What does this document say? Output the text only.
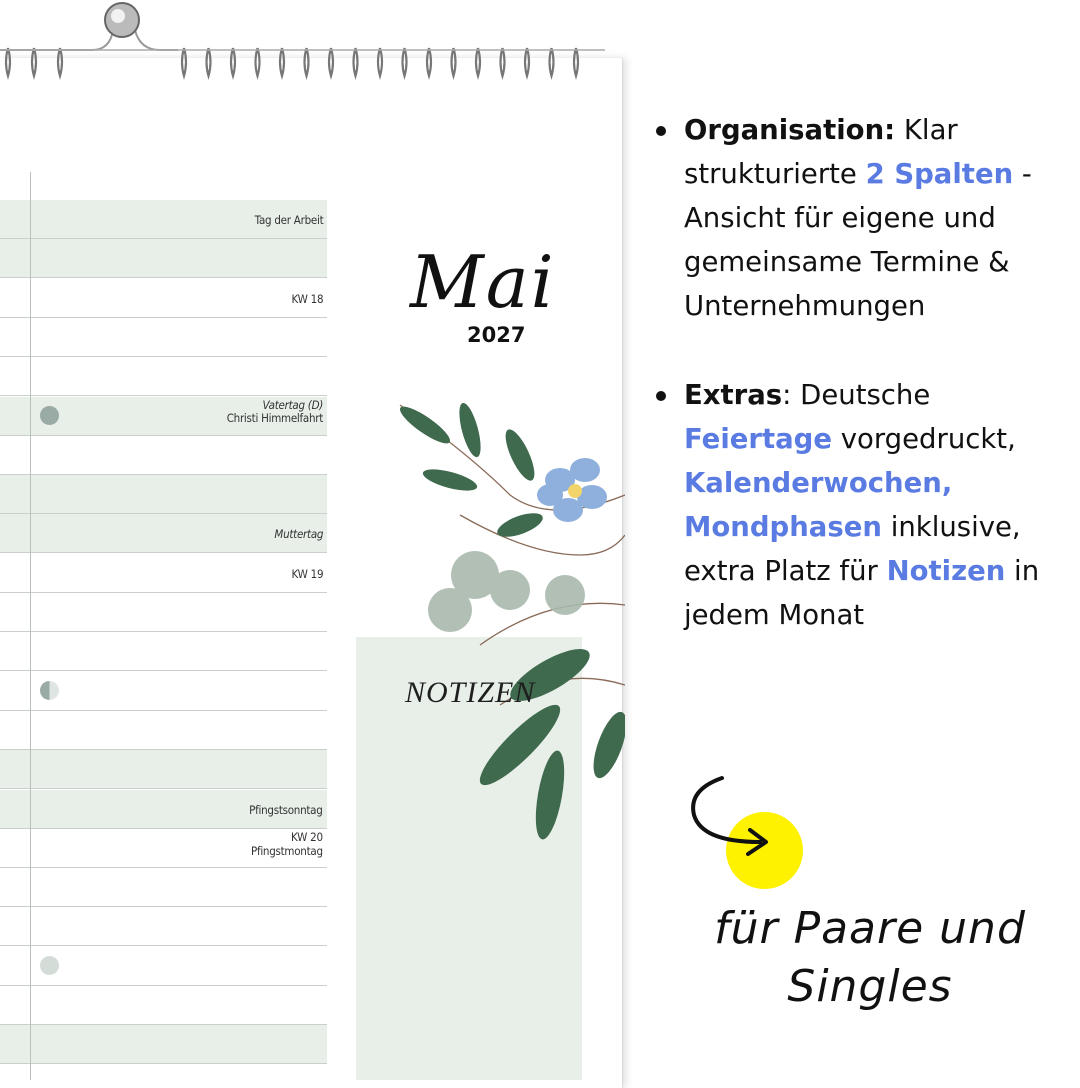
Tag der Arbeit
KW 18
Vatertag (D)
Christi Himmelfahrt
Muttertag
KW 19
Pfingstsonntag
KW 20
Pfingstmontag
Mai
2027
NOTIZEN
Organisation: Klar strukturierte 2 Spalten - Ansicht für eigene und gemeinsame Termine & Unternehmungen
Extras: Deutsche Feiertage vorgedruckt, Kalenderwochen, Mondphasen inklusive, extra Platz für Notizen in jedem Monat
für Paare und
Singles
